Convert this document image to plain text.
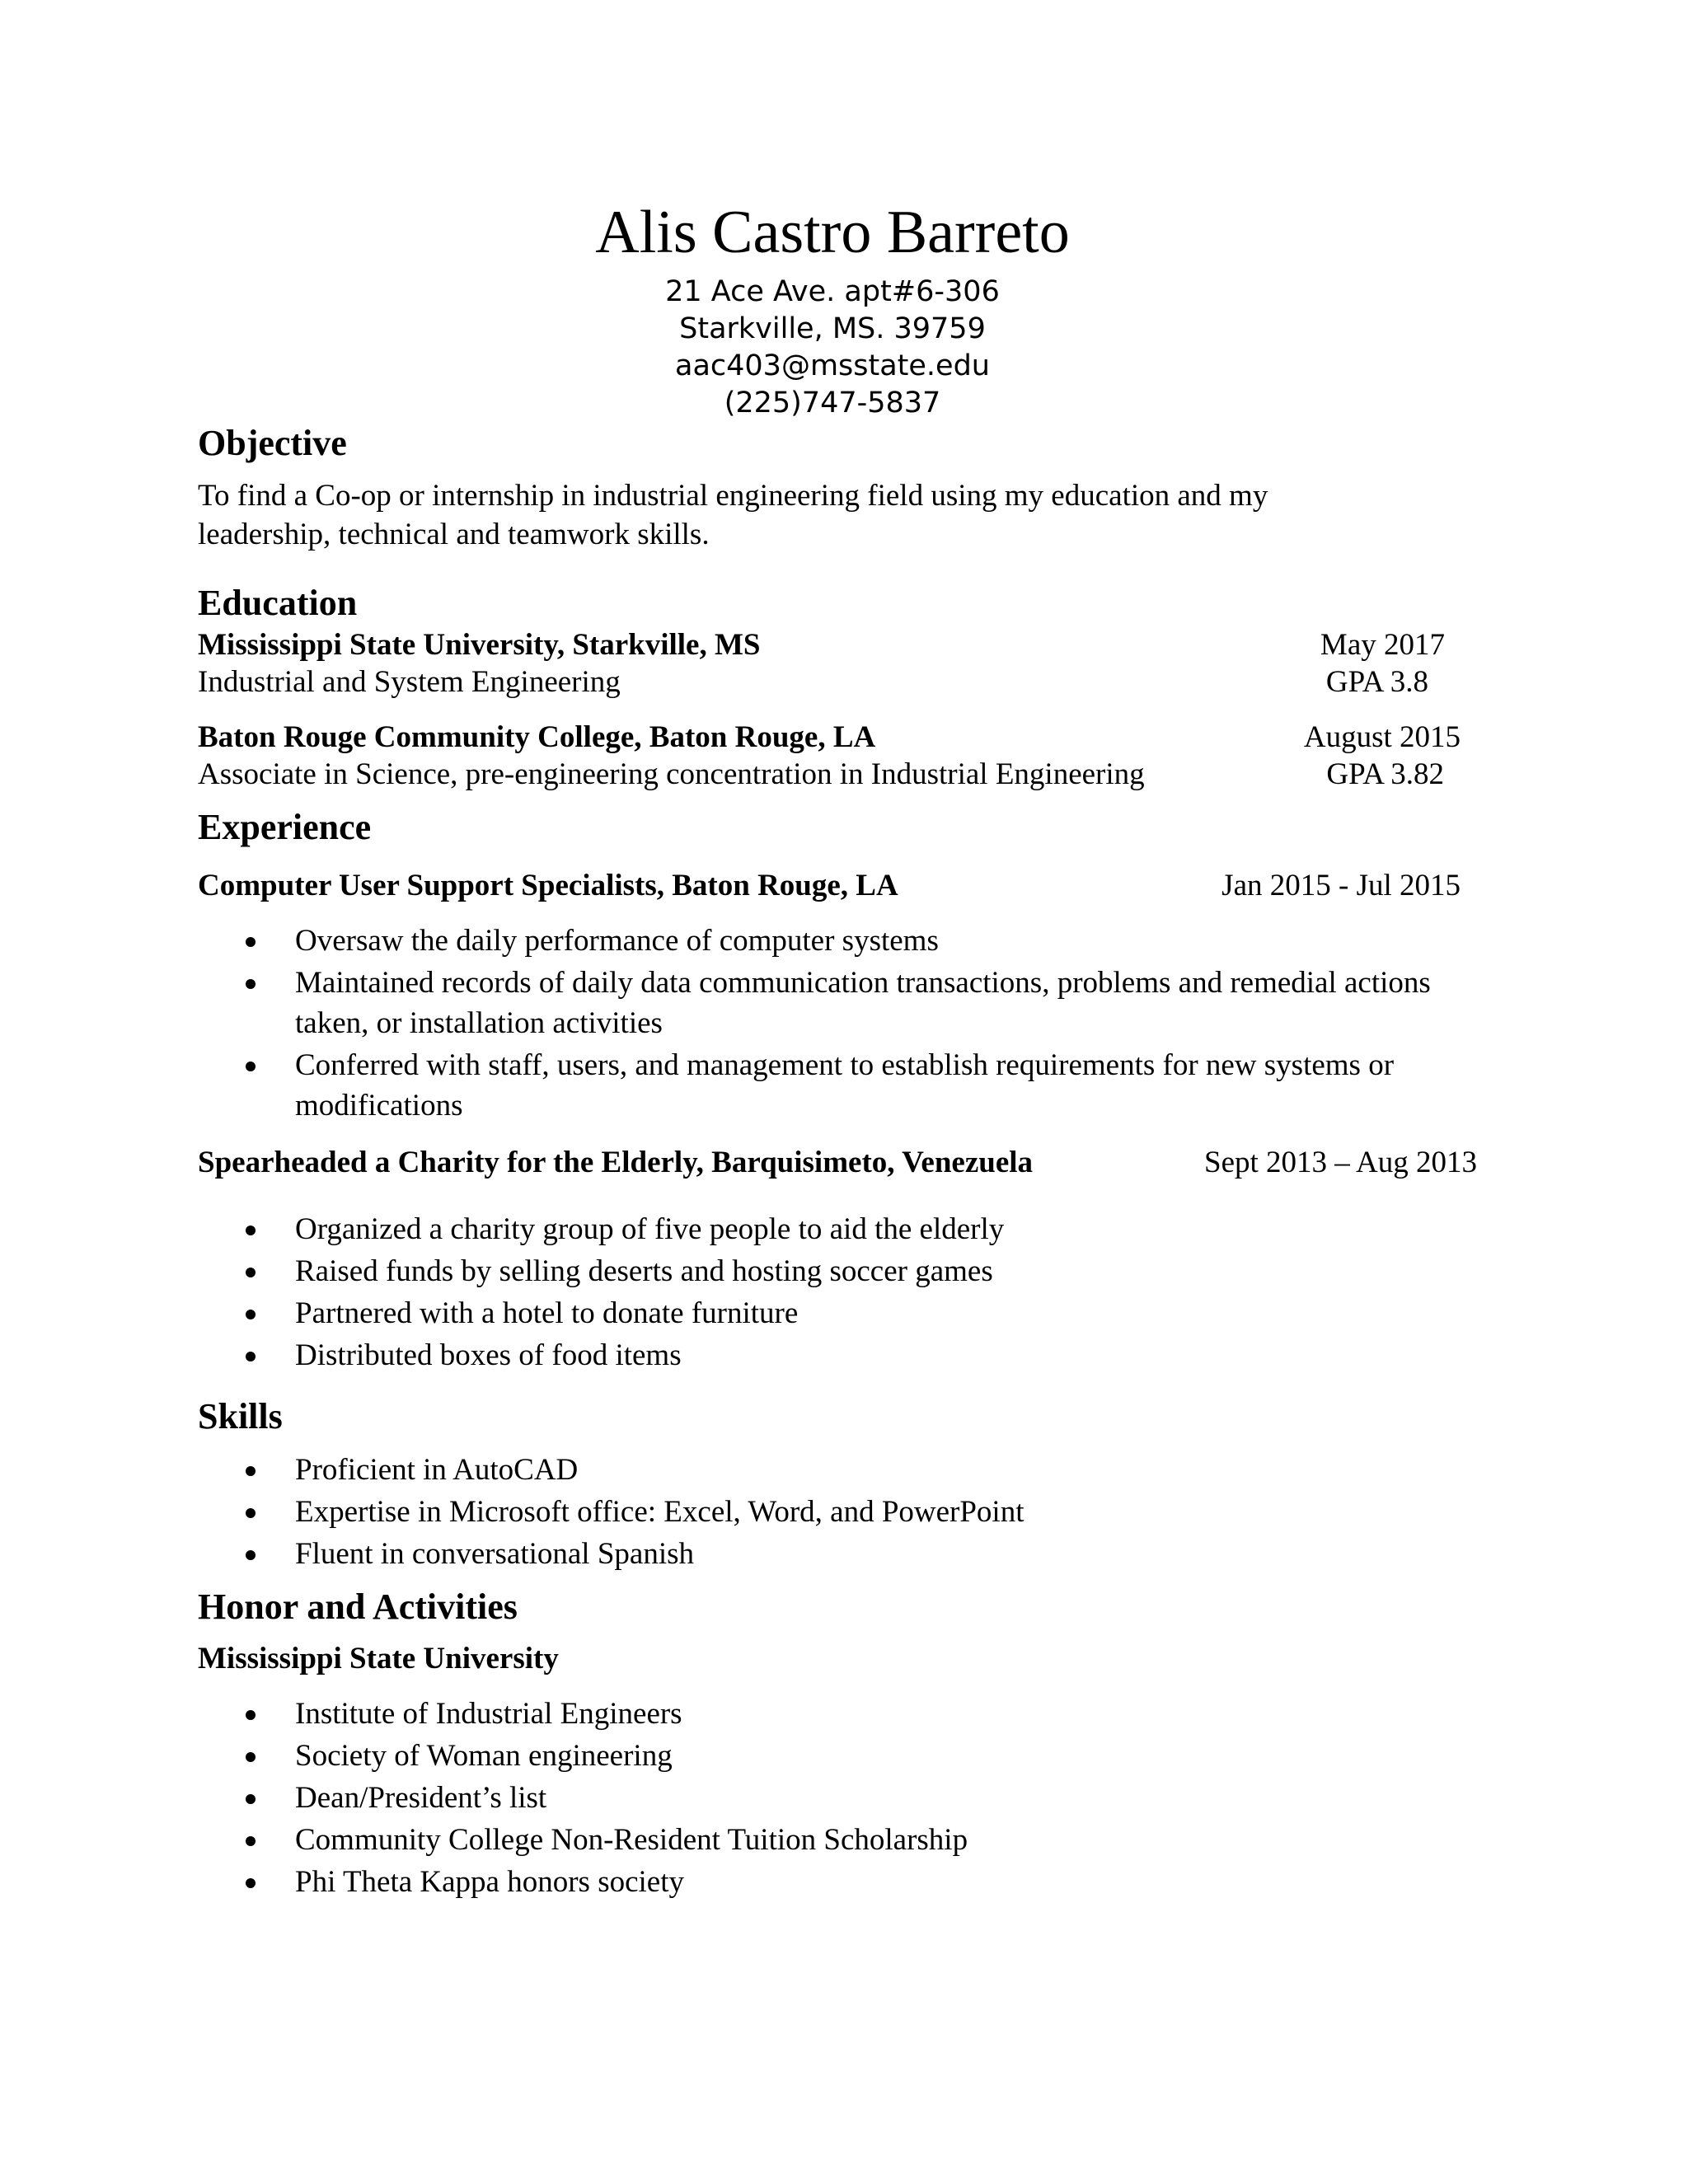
Alis Castro Barreto

21 Ace Ave. apt#6-306

Starkville, MS. 39759

aac403@msstate.edu

(225)747-5837

Objective

To find a Co-op or internship in industrial engineering field using my education and my leadership, technical and teamwork skills.

Education
Mississippi State University, Starkville, MS	May 2017
Industrial and System Engineering	GPA 3.8
Baton Rouge Community College, Baton Rouge, LA	August 2015
Associate in Science, pre-engineering concentration in Industrial Engineering	GPA 3.82
Experience
Computer User Support Specialists, Baton Rouge, LA	Jan 2015 - Jul 2015
Oversaw the daily performance of computer systems
Maintained records of daily data communication transactions, problems and remedial actions taken, or installation activities
Conferred with staff, users, and management to establish requirements for new systems or modifications
Spearheaded a Charity for the Elderly, Barquisimeto, Venezuela	Sept 2013 – Aug 2013
Organized a charity group of five people to aid the elderly
Raised funds by selling deserts and hosting soccer games
Partnered with a hotel to donate furniture
Distributed boxes of food items
Skills
Proficient in AutoCAD
Expertise in Microsoft office: Excel, Word, and PowerPoint
Fluent in conversational Spanish
Honor and Activities
Mississippi State University
Institute of Industrial Engineers
Society of Woman engineering
Dean/President’s list
Community College Non-Resident Tuition Scholarship
Phi Theta Kappa honors society
